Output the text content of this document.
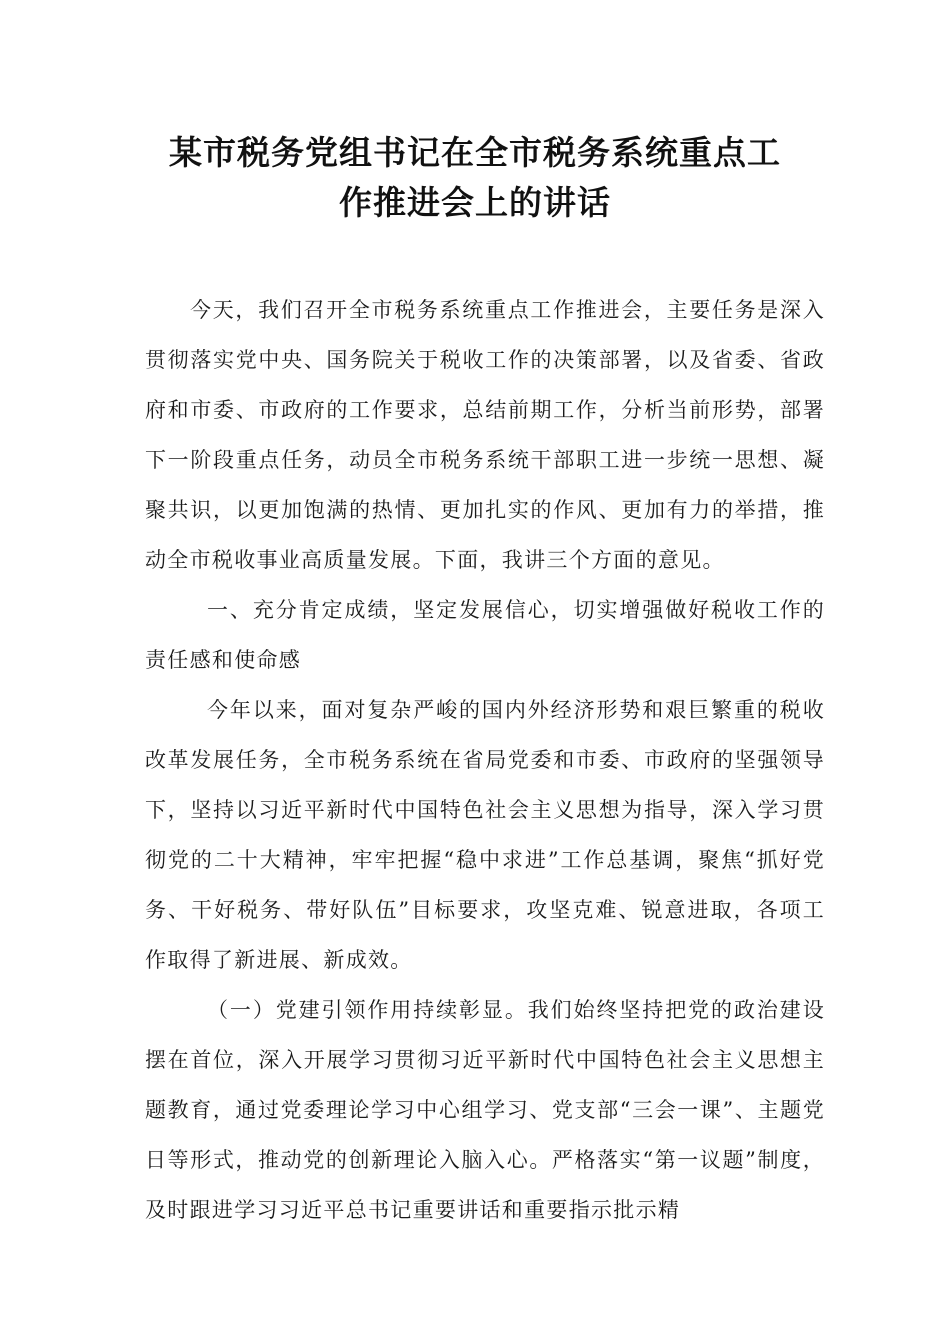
某市税务党组书记在全市税务系统重点工
作推进会上的讲话

今天，我们召开全市税务系统重点工作推进会，主要任务是深入贯彻落实党中央、国务院关于税收工作的决策部署，以及省委、省政府和市委、市政府的工作要求，总结前期工作，分析当前形势，部署下一阶段重点任务，动员全市税务系统干部职工进一步统一思想、凝聚共识，以更加饱满的热情、更加扎实的作风、更加有力的举措，推动全市税收事业高质量发展。下面，我讲三个方面的意见。

一、充分肯定成绩，坚定发展信心，切实增强做好税收工作的责任感和使命感

今年以来，面对复杂严峻的国内外经济形势和艰巨繁重的税收改革发展任务，全市税务系统在省局党委和市委、市政府的坚强领导下，坚持以习近平新时代中国特色社会主义思想为指导，深入学习贯彻党的二十大精神，牢牢把握“稳中求进”工作总基调，聚焦“抓好党务、干好税务、带好队伍”目标要求，攻坚克难、锐意进取，各项工作取得了新进展、新成效。

（一）党建引领作用持续彰显。我们始终坚持把党的政治建设摆在首位，深入开展学习贯彻习近平新时代中国特色社会主义思想主题教育，通过党委理论学习中心组学习、党支部“三会一课”、主题党日等形式，推动党的创新理论入脑入心。严格落实“第一议题”制度，及时跟进学习习近平总书记重要讲话和重要指示批示精
